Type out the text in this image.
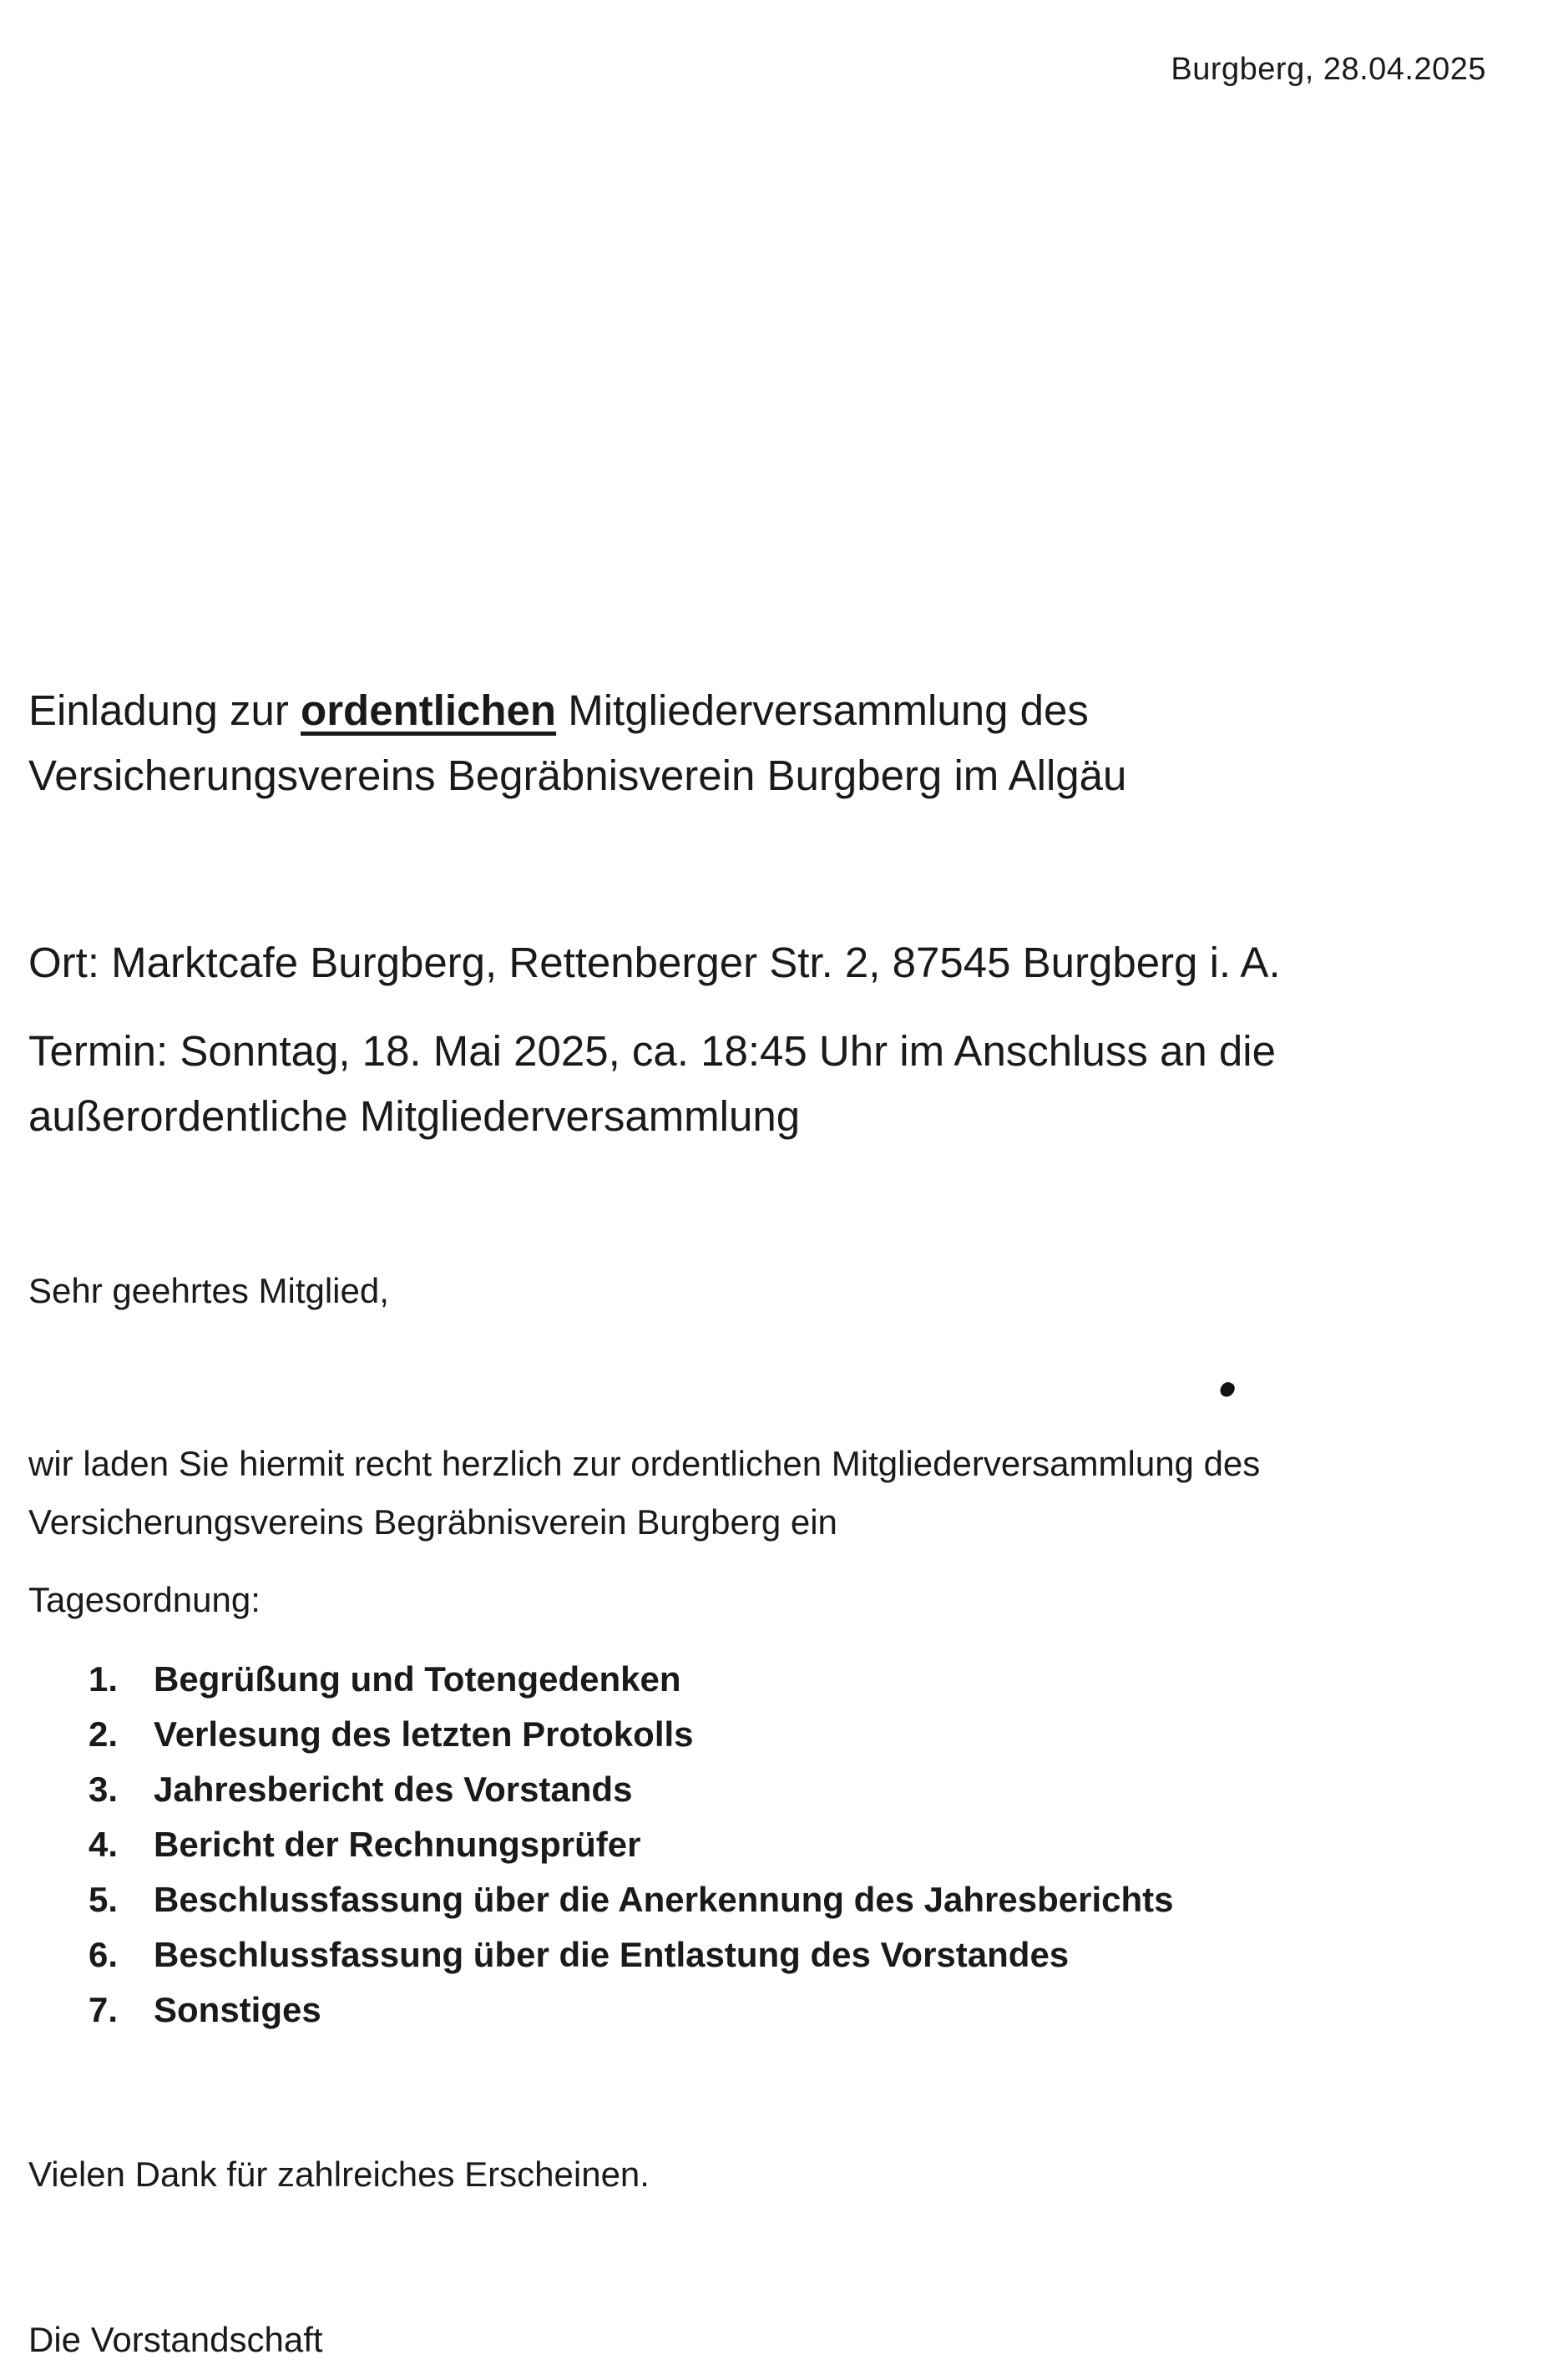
Burgberg, 28.04.2025
Einladung zur ordentlichen Mitgliederversammlung des
Versicherungsvereins Begräbnisverein Burgberg im Allgäu
Ort: Marktcafe Burgberg, Rettenberger Str. 2, 87545 Burgberg i. A.
Termin: Sonntag, 18. Mai 2025, ca. 18:45 Uhr im Anschluss an die außerordentliche Mitgliederversammlung
Sehr geehrtes Mitglied,
wir laden Sie hiermit recht herzlich zur ordentlichen Mitgliederversammlung des Versicherungsvereins Begräbnisverein Burgberg ein
Tagesordnung:
1. Begrüßung und Totengedenken
2. Verlesung des letzten Protokolls
3. Jahresbericht des Vorstands
4. Bericht der Rechnungsprüfer
5. Beschlussfassung über die Anerkennung des Jahresberichts
6. Beschlussfassung über die Entlastung des Vorstandes
7. Sonstiges
Vielen Dank für zahlreiches Erscheinen.
Die Vorstandschaft
